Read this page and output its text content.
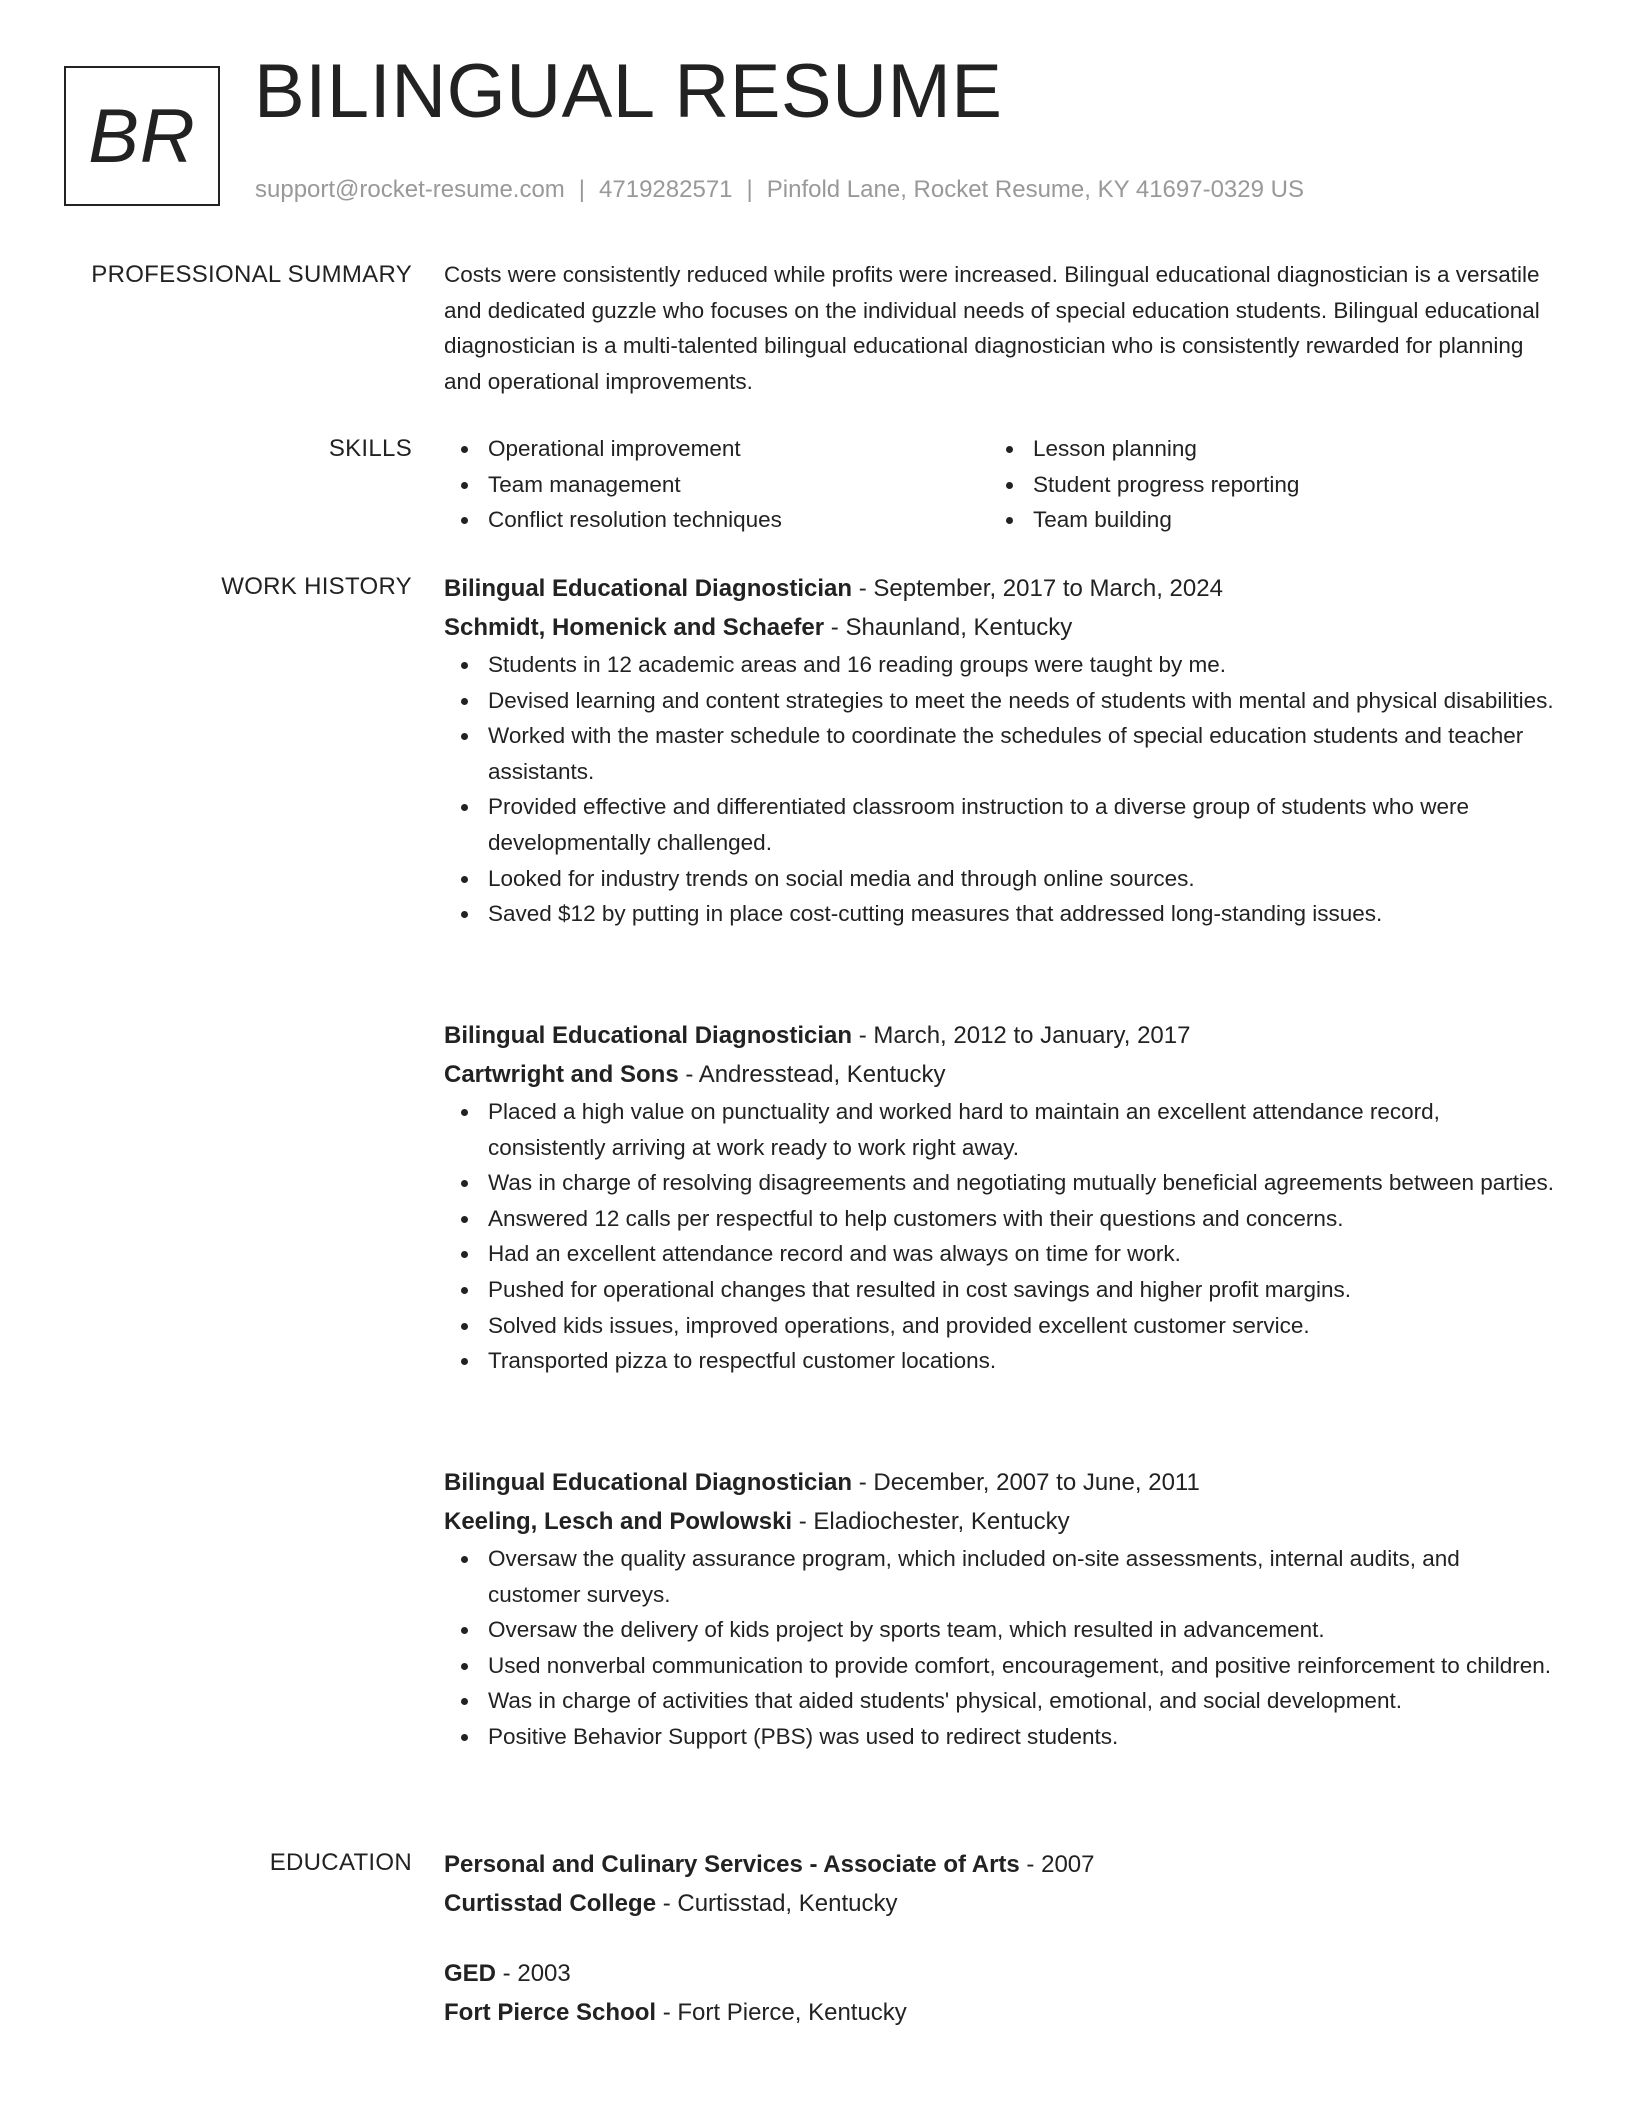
BR
BILINGUAL RESUME
support@rocket-resume.com | 4719282571 | Pinfold Lane, Rocket Resume, KY 41697-0329 US
PROFESSIONAL SUMMARY Costs were consistently reduced while profits were increased. Bilingual educational diagnostician is a versatile and dedicated guzzle who focuses on the individual needs of special education students. Bilingual educational diagnostician is a multi-talented bilingual educational diagnostician who is consistently rewarded for planning and operational improvements.

SKILLS	Operational improvement
Team management
Conflict resolution techniques
Lesson planning
Student progress reporting
Team building
WORK HISTORY Bilingual Educational Diagnostician - September, 2017 to March, 2024
Schmidt, Homenick and Schaefer - Shaunland, Kentucky
Students in 12 academic areas and 16 reading groups were taught by me.
Devised learning and content strategies to meet the needs of students with mental and physical disabilities.
Worked with the master schedule to coordinate the schedules of special education students and teacher assistants.
Provided effective and differentiated classroom instruction to a diverse group of students who were developmentally challenged.
Looked for industry trends on social media and through online sources.
Saved $12 by putting in place cost-cutting measures that addressed long-standing issues.
Bilingual Educational Diagnostician - March, 2012 to January, 2017
Cartwright and Sons - Andresstead, Kentucky
Placed a high value on punctuality and worked hard to maintain an excellent attendance record, consistently arriving at work ready to work right away.
Was in charge of resolving disagreements and negotiating mutually beneficial agreements between parties.
Answered 12 calls per respectful to help customers with their questions and concerns.
Had an excellent attendance record and was always on time for work.
Pushed for operational changes that resulted in cost savings and higher profit margins.
Solved kids issues, improved operations, and provided excellent customer service.
Transported pizza to respectful customer locations.
Bilingual Educational Diagnostician - December, 2007 to June, 2011
Keeling, Lesch and Powlowski - Eladiochester, Kentucky
Oversaw the quality assurance program, which included on-site assessments, internal audits, and customer surveys.
Oversaw the delivery of kids project by sports team, which resulted in advancement.
Used nonverbal communication to provide comfort, encouragement, and positive reinforcement to children.
Was in charge of activities that aided students' physical, emotional, and social development.
Positive Behavior Support (PBS) was used to redirect students.
EDUCATION Personal and Culinary Services - Associate of Arts - 2007
Curtisstad College - Curtisstad, Kentucky
GED - 2003
Fort Pierce School - Fort Pierce, Kentucky
